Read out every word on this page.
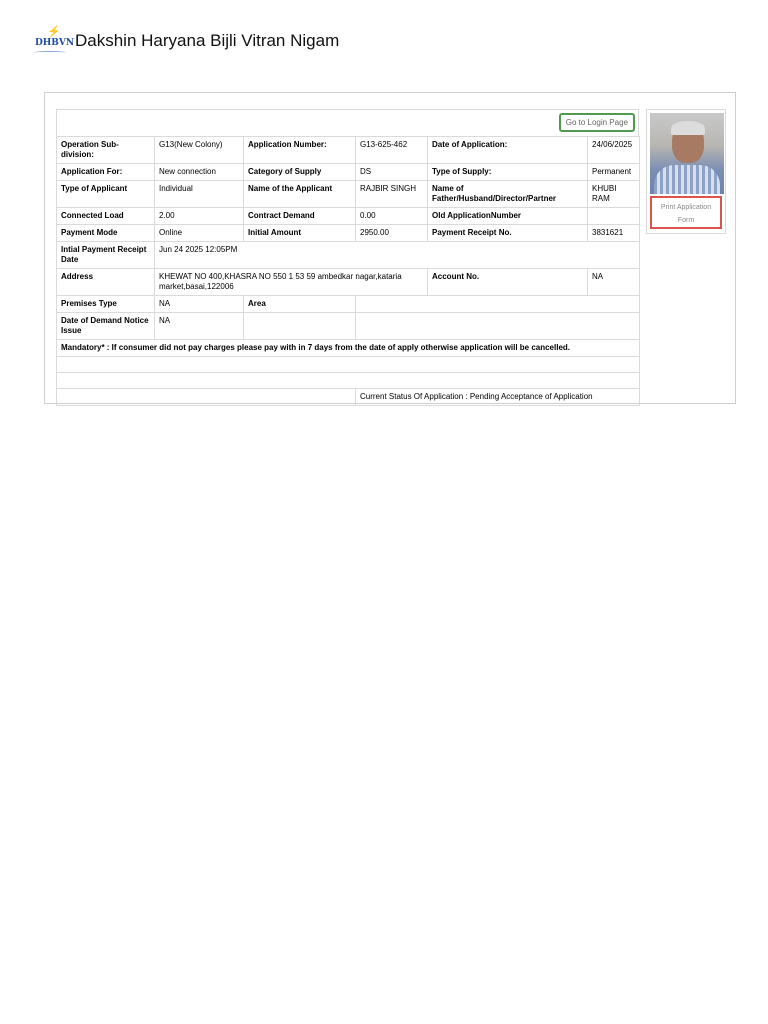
⚡
DHBVN Dakshin Haryana Bijli Vitran Nigam
Go to Login Page
Operation Sub-division:	G13(New Colony)	Application Number:	G13-625-462	Date of Application:	24/06/2025
Application For:	New connection	Category of Supply	DS	Type of Supply:	Permanent
Type of Applicant	Individual	Name of the Applicant	RAJBIR SINGH	Name of Father/Husband/Director/Partner	KHUBI RAM
Connected Load	2.00	Contract Demand	0.00	Old ApplicationNumber	
Payment Mode	Online	Initial Amount	2950.00	Payment Receipt No.	3831621
Intial Payment Receipt Date	Jun 24 2025 12:05PM				
Address	KHEWAT NO 400,KHASRA NO 550 1 53 59 ambedkar nagar,kataria market,basai,122006			Account No.	NA
Premises Type	NA	Area			
Date of Demand Notice Issue	NA				
Mandatory* : If consumer did not pay charges please pay with in 7 days from the date of apply otherwise application will be cancelled.					

			Current Status Of Application : Pending Acceptance of Application		
Print Application Form
